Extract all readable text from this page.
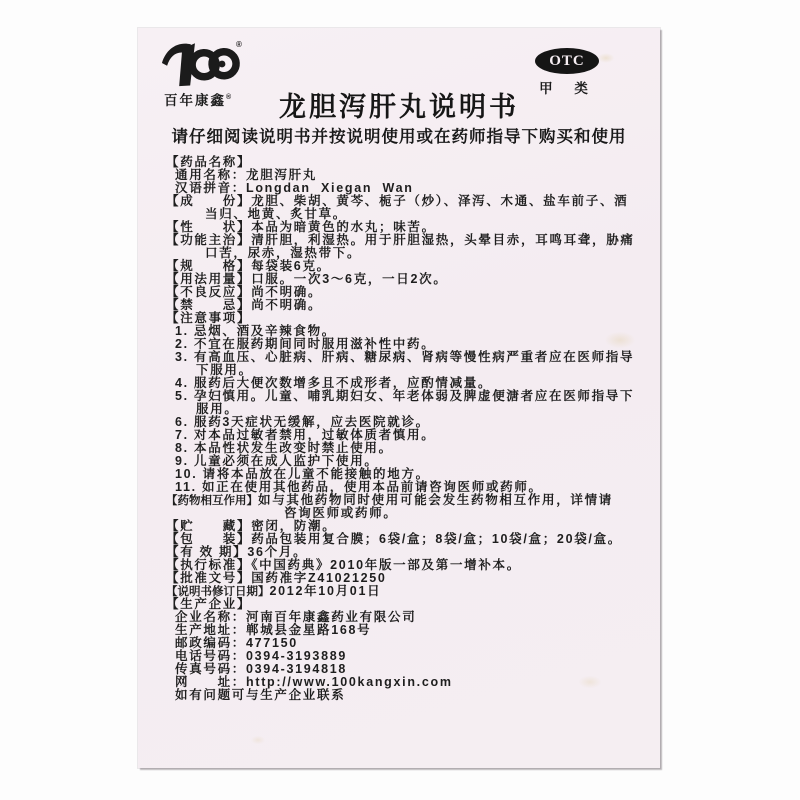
®
百年康鑫®
OTC
甲 类
龙胆泻肝丸说明书
请仔细阅读说明书并按说明使用或在药师指导下购买和使用
【药品名称】
通用名称：龙胆泻肝丸
汉语拼音：Longdan  Xiegan  Wan
【成　　份】龙胆、柴胡、黄芩、栀子（炒）、泽泻、木通、盐车前子、酒
当归、地黄、炙甘草。
【性　　状】本品为暗黄色的水丸；味苦。
【功能主治】清肝胆，利湿热。用于肝胆湿热，头晕目赤，耳鸣耳聋，胁痛
口苦，尿赤，湿热带下。
【规　　格】每袋装6克。
【用法用量】口服。一次3～6克，一日2次。
【不良反应】尚不明确。
【禁　　忌】尚不明确。
【注意事项】
1. 忌烟、酒及辛辣食物。
2. 不宜在服药期间同时服用滋补性中药。
3. 有高血压、心脏病、肝病、糖尿病、肾病等慢性病严重者应在医师指导
下服用。
4. 服药后大便次数增多且不成形者，应酌情减量。
5. 孕妇慎用。儿童、哺乳期妇女、年老体弱及脾虚便溏者应在医师指导下
服用。
6. 服药3天症状无缓解，应去医院就诊。
7. 对本品过敏者禁用，过敏体质者慎用。
8. 本品性状发生改变时禁止使用。
9. 儿童必须在成人监护下使用。
10. 请将本品放在儿童不能接触的地方。
11. 如正在使用其他药品，使用本品前请咨询医师或药师。
【药物相互作用】如与其他药物同时使用可能会发生药物相互作用，详情请
咨询医师或药师。
【贮　　藏】密闭，防潮。
【包　　装】药品包装用复合膜；6袋/盒；8袋/盒；10袋/盒；20袋/盒。
【有 效 期】36个月。
【执行标准】《中国药典》2010年版一部及第一增补本。
【批准文号】国药准字Z41021250
【说明书修订日期】2012年10月01日
【生产企业】
企业名称：河南百年康鑫药业有限公司
生产地址：郸城县金星路168号
邮政编码：477150
电话号码：0394-3193889
传真号码：0394-3194818
网　　址：http://www.100kangxin.com
如有问题可与生产企业联系
